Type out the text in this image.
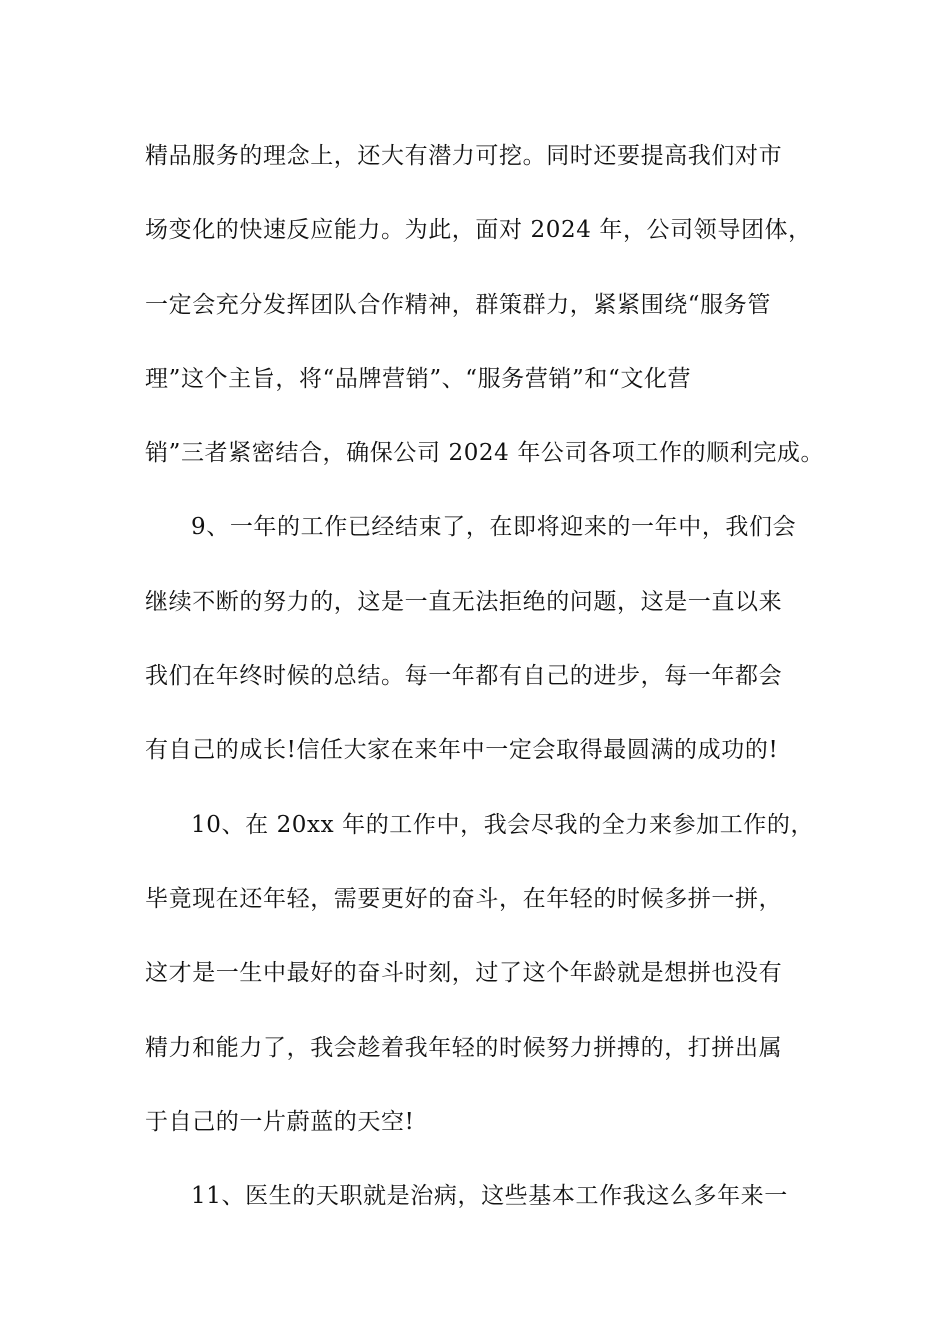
精品服务的理念上，还大有潜力可挖。同时还要提高我们对市
场变化的快速反应能力。为此，面对 2024 年，公司领导团体，
一定会充分发挥团队合作精神，群策群力，紧紧围绕“服务管
理”这个主旨，将“品牌营销”、“服务营销”和“文化营
销”三者紧密结合，确保公司 2024 年公司各项工作的顺利完成。
9、一年的工作已经结束了，在即将迎来的一年中，我们会
继续不断的努力的，这是一直无法拒绝的问题，这是一直以来
我们在年终时候的总结。每一年都有自己的进步，每一年都会
有自己的成长!信任大家在来年中一定会取得最圆满的成功的!
10、在 20xx 年的工作中，我会尽我的全力来参加工作的，
毕竟现在还年轻，需要更好的奋斗，在年轻的时候多拼一拼，
这才是一生中最好的奋斗时刻，过了这个年龄就是想拼也没有
精力和能力了，我会趁着我年轻的时候努力拼搏的，打拼出属
于自己的一片蔚蓝的天空!
11、医生的天职就是治病，这些基本工作我这么多年来一
